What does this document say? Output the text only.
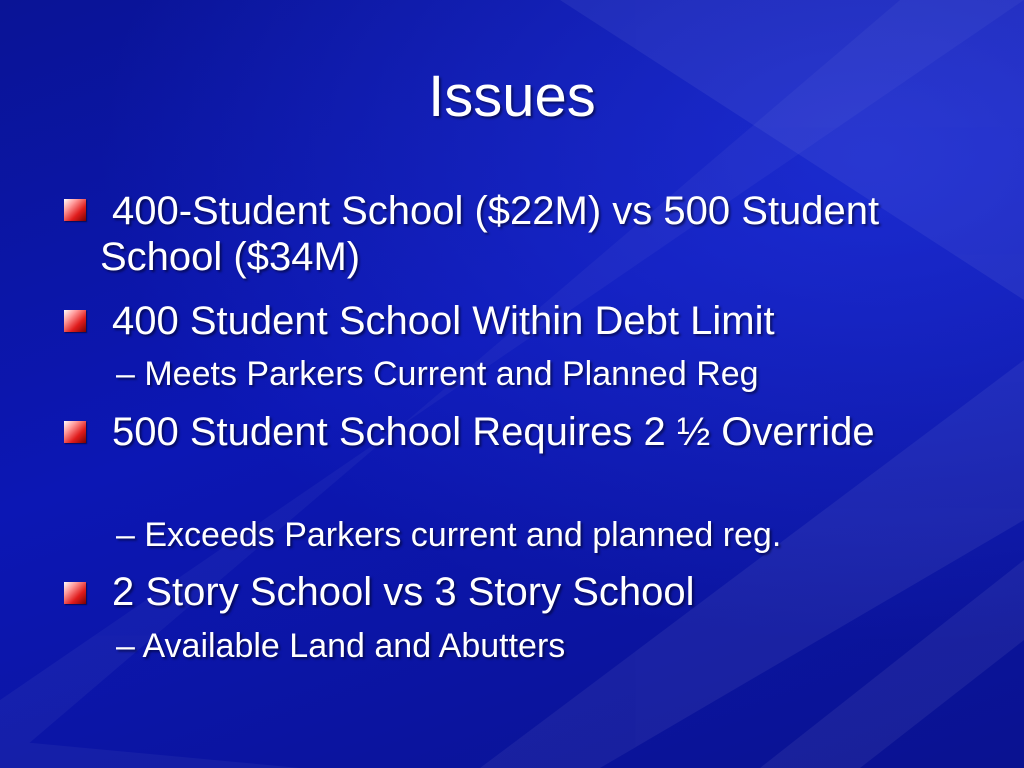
Issues
400-Student School ($22M) vs 500 Student School ($34M)
400 Student School Within Debt Limit
– Meets Parkers Current and Planned Reg
500 Student School Requires 2 ½ Override
– Exceeds Parkers current and planned reg.
2 Story School vs 3 Story School
– Available Land and Abutters
